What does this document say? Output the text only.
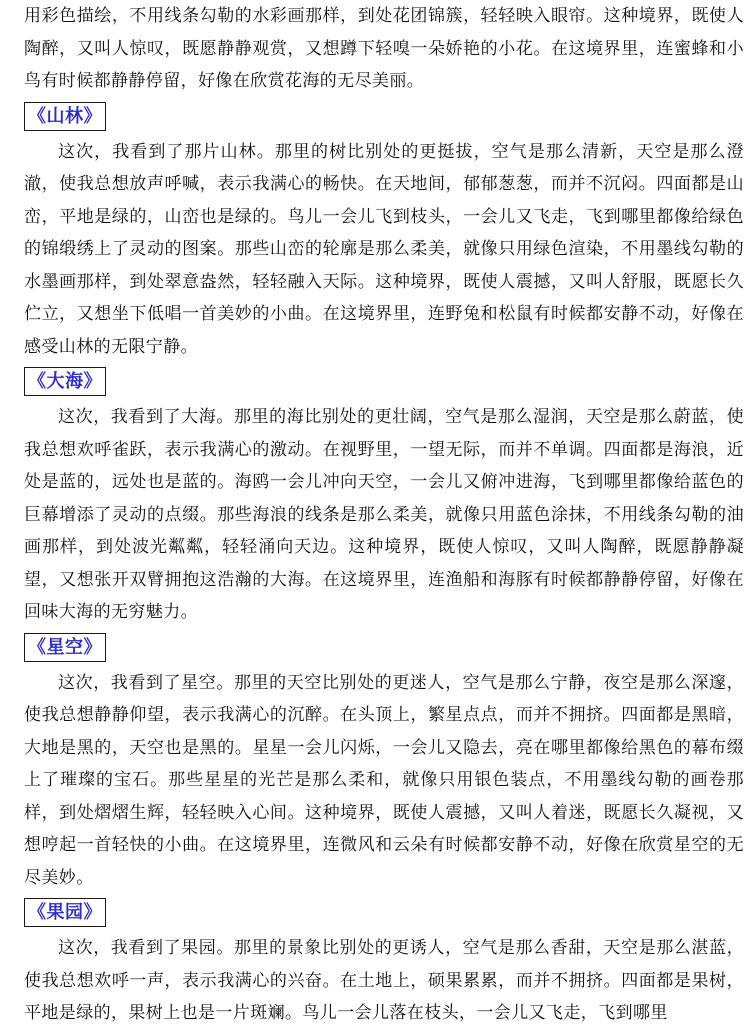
用彩色描绘，不用线条勾勒的水彩画那样，到处花团锦簇，轻轻映入眼帘。这种境界，既使人陶醉，又叫人惊叹，既愿静静观赏，又想蹲下轻嗅一朵娇艳的小花。在这境界里，连蜜蜂和小鸟有时候都静静停留，好像在欣赏花海的无尽美丽。

《山林》

这次，我看到了那片山林。那里的树比别处的更挺拔，空气是那么清新，天空是那么澄澈，使我总想放声呼喊，表示我满心的畅快。在天地间，郁郁葱葱，而并不沉闷。四面都是山峦，平地是绿的，山峦也是绿的。鸟儿一会儿飞到枝头，一会儿又飞走，飞到哪里都像给绿色的锦缎绣上了灵动的图案。那些山峦的轮廓是那么柔美，就像只用绿色渲染，不用墨线勾勒的水墨画那样，到处翠意盎然，轻轻融入天际。这种境界，既使人震撼，又叫人舒服，既愿长久伫立，又想坐下低唱一首美妙的小曲。在这境界里，连野兔和松鼠有时候都安静不动，好像在感受山林的无限宁静。

《大海》

这次，我看到了大海。那里的海比别处的更壮阔，空气是那么湿润，天空是那么蔚蓝，使我总想欢呼雀跃，表示我满心的激动。在视野里，一望无际，而并不单调。四面都是海浪，近处是蓝的，远处也是蓝的。海鸥一会儿冲向天空，一会儿又俯冲进海，飞到哪里都像给蓝色的巨幕增添了灵动的点缀。那些海浪的线条是那么柔美，就像只用蓝色涂抹，不用线条勾勒的油画那样，到处波光粼粼，轻轻涌向天边。这种境界，既使人惊叹，又叫人陶醉，既愿静静凝望，又想张开双臂拥抱这浩瀚的大海。在这境界里，连渔船和海豚有时候都静静停留，好像在回味大海的无穷魅力。

《星空》

这次，我看到了星空。那里的天空比别处的更迷人，空气是那么宁静，夜空是那么深邃，使我总想静静仰望，表示我满心的沉醉。在头顶上，繁星点点，而并不拥挤。四面都是黑暗，大地是黑的，天空也是黑的。星星一会儿闪烁，一会儿又隐去，亮在哪里都像给黑色的幕布缀上了璀璨的宝石。那些星星的光芒是那么柔和，就像只用银色装点，不用墨线勾勒的画卷那样，到处熠熠生辉，轻轻映入心间。这种境界，既使人震撼，又叫人着迷，既愿长久凝视，又想哼起一首轻快的小曲。在这境界里，连微风和云朵有时候都安静不动，好像在欣赏星空的无尽美妙。

《果园》

这次，我看到了果园。那里的景象比别处的更诱人，空气是那么香甜，天空是那么湛蓝，使我总想欢呼一声，表示我满心的兴奋。在土地上，硕果累累，而并不拥挤。四面都是果树，平地是绿的，果树上也是一片斑斓。鸟儿一会儿落在枝头，一会儿又飞走，飞到哪里
